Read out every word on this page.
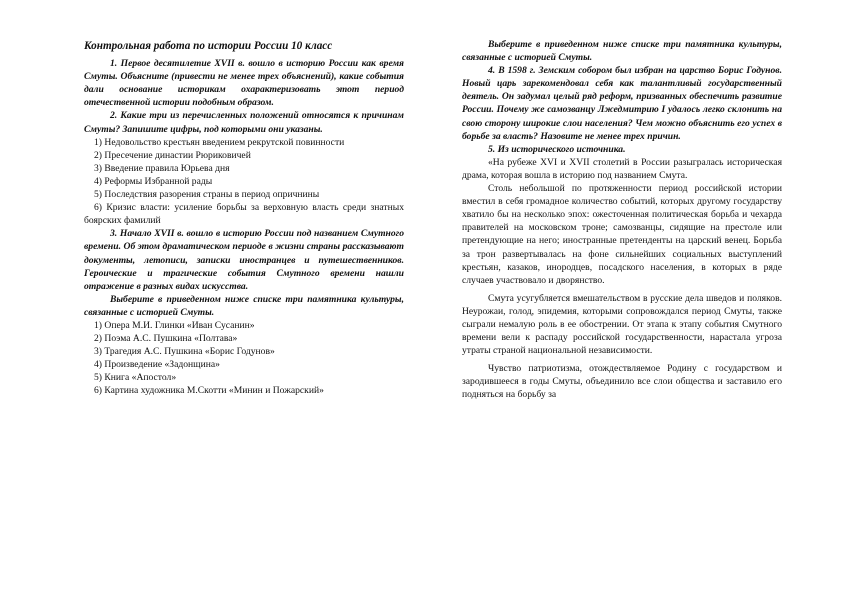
Контрольная работа по истории России 10 класс

1. Первое десятилетие XVII в. вошло в историю России как время Смуты. Объясните (привести не менее трех объяснений), какие события дали основание историкам охарактеризовать этот период отечественной истории подобным образом.

2. Какие три из перечисленных положений относятся к причинам Смуты? Запишите цифры, под которыми они указаны.

1) Недовольство крестьян введением рекрутской повинности

2) Пресечение династии Рюриковичей

3) Введение правила Юрьева дня

4) Реформы Избранной рады

5) Последствия разорения страны в период опричнины

6) Кризис власти: усиление борьбы за верховную власть среди знатных боярских фамилий

3. Начало XVII в. вошло в историю России под названием Смутного времени. Об этом драматическом периоде в жизни страны рассказывают документы, летописи, записки иностранцев и путешественников. Героические и трагические события Смутного времени нашли отражение в разных видах искусства.

Выберите в приведенном ниже списке три памятника культуры, связанные с историей Смуты.

1) Опера М.И. Глинки «Иван Сусанин»

2) Поэма А.С. Пушкина «Полтава»

3) Трагедия А.С. Пушкина «Борис Годунов»

4) Произведение «Задонщина»

5) Книга «Апостол»

6) Картина художника М.Скотти «Минин и Пожарский»

Выберите в приведенном ниже списке три памятника культуры, связанные с историей Смуты.

4. В 1598 г. Земским собором был избран на царство Борис Годунов. Новый царь зарекомендовал себя как талантливый государственный деятель. Он задумал целый ряд реформ, призванных обеспечить развитие России. Почему же самозванцу Лжедмитрию I удалось легко склонить на свою сторону широкие слои населения? Чем можно объяснить его успех в борьбе за власть? Назовите не менее трех причин.

5. Из исторического источника.

«На рубеже XVI и XVII столетий в России разыгралась историческая драма, которая вошла в историю под названием Смута.

Столь небольшой по протяженности период российской истории вместил в себя громадное количество событий, которых другому государству хватило бы на несколько эпох: ожесточенная политическая борьба и чехарда правителей на московском троне; самозванцы, сидящие на престоле или претендующие на него; иностранные претенденты на царский венец. Борьба за трон развертывалась на фоне сильнейших социальных выступлений крестьян, казаков, инородцев, посадского населения, в которых в ряде случаев участвовало и дворянство.

Смута усугубляется вмешательством в русские дела шведов и поляков. Неурожаи, голод, эпидемия, которыми сопровождался период Смуты, также сыграли немалую роль в ее обострении. От этапа к этапу события Смутного времени вели к распаду российской государственности, нарастала угроза утраты страной национальной независимости.

Чувство патриотизма, отождествляемое Родину с государством и зародившееся в годы Смуты, объединило все слои общества и заставило его подняться на борьбу за
